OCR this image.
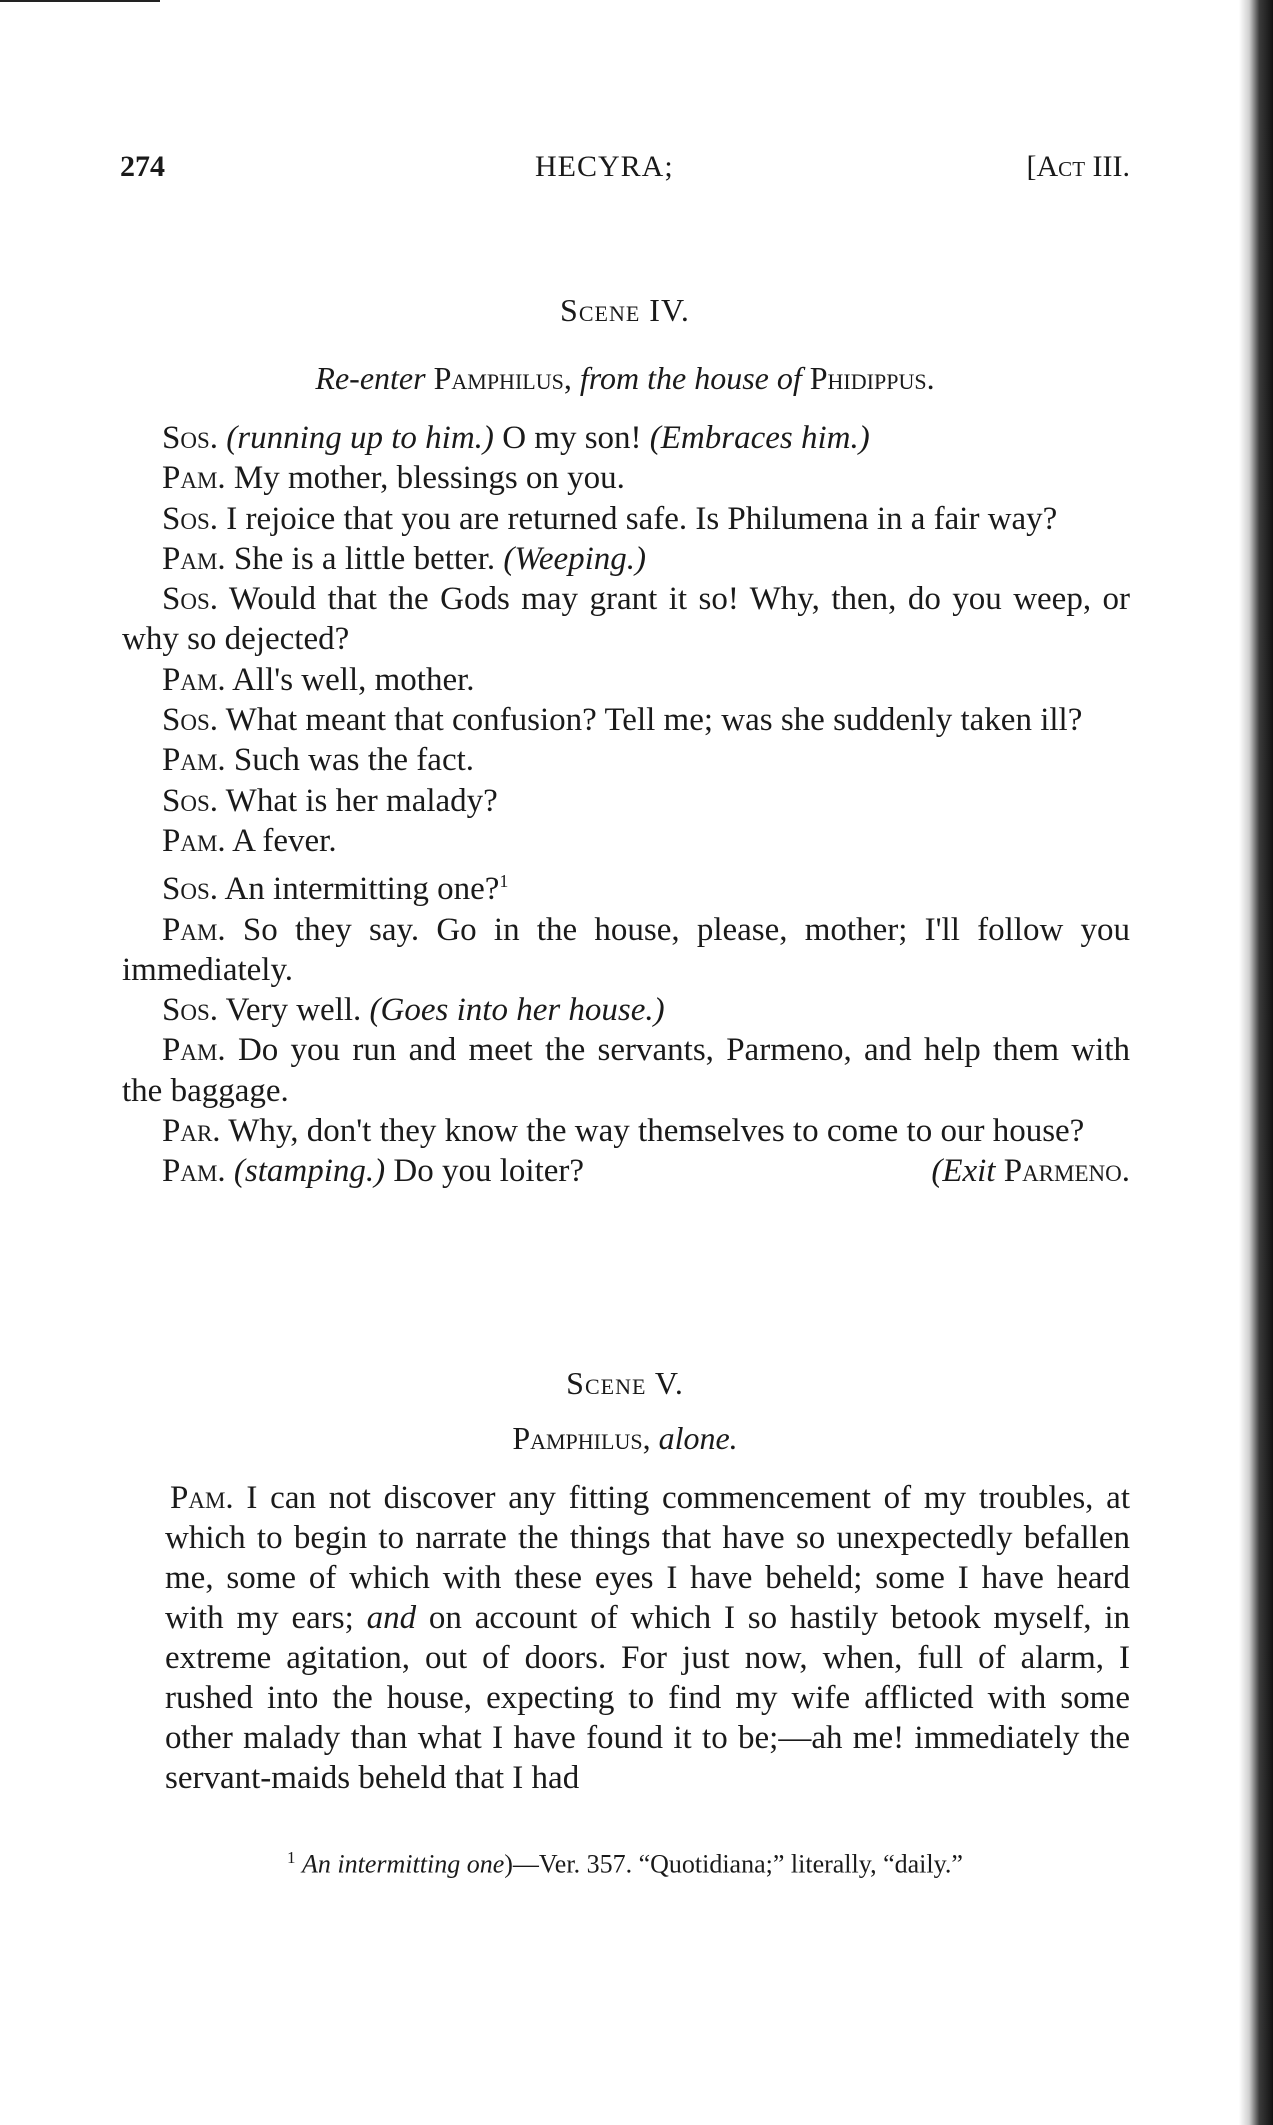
274	HECYRA;	[Act III.
Scene IV.
Re-enter Pamphilus, from the house of Phidippus.

Sos. (running up to him.) O my son! (Embraces him.)

Pam. My mother, blessings on you.

Sos. I rejoice that you are returned safe. Is Philumena in a fair way?

Pam. She is a little better. (Weeping.)

Sos. Would that the Gods may grant it so! Why, then, do you weep, or why so dejected?

Pam. All's well, mother.

Sos. What meant that confusion? Tell me; was she suddenly taken ill?

Pam. Such was the fact.

Sos. What is her malady?

Pam. A fever.

Sos. An intermitting one?$^1$

Pam. So they say. Go in the house, please, mother; I'll follow you immediately.

Sos. Very well. (Goes into her house.)

Pam. Do you run and meet the servants, Parmeno, and help them with the baggage.

Par. Why, don't they know the way themselves to come to our house?

Pam. (stamping.) Do you loiter?	(Exit Parmeno.

Scene V.
Pamphilus, alone.
Pam. I can not discover any fitting commencement of my troubles, at which to begin to narrate the things that have so unexpectedly befallen me, some of which with these eyes I have beheld; some I have heard with my ears; and on account of which I so hastily betook myself, in extreme agitation, out of doors. For just now, when, full of alarm, I rushed into the house, expecting to find my wife afflicted with some other malady than what I have found it to be;—ah me! immediately the servant-maids beheld that I had
$^1$ An intermitting one)—Ver. 357. “Quotidiana;” literally, “daily.”
